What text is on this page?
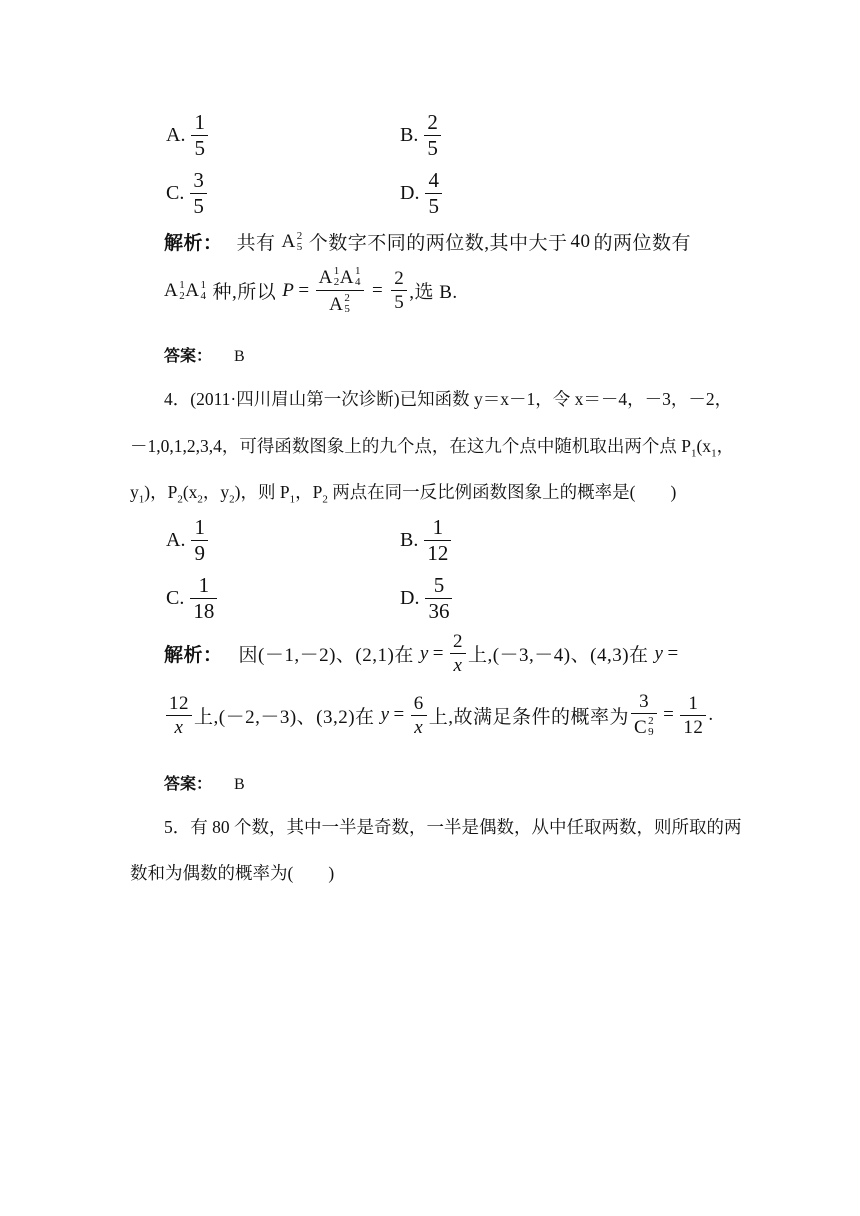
A. $\frac{1}{5}$	B. $\frac{2}{5}$
C. $\frac{3}{5}$	D. $\frac{4}{5}$
解析： 共有 A 2
5 个数字不同的两位数,其中大于 40 的两位数有
A 1
2 A 1
4 种,所以 P = A 1
2 A 1
4
A 2
$5 = \frac{2}{5}$ ,选 B.
答案： B
4．(2011·四川眉山第一次诊断)已知函数 y＝x－1，令 x＝－4，－3，－2，
－1,0,1,2,3,4，可得函数图象上的九个点，在这九个点中随机取出两个点 $P_1(x_1$，
$y_1$)，$P_2(x_2$，$y_2$)，则 $P_1$，$P_2$ 两点在同一反比例函数图象上的概率是(　　)
A. $\frac{1}{9}$	B. $\frac{1}{12}$
C. $\frac{1}{18}$	D. $\frac{5}{36}$
解析： 因(－1,－2)、(2,1)在 $y = \frac{2}{x}$ 上,(－3,－4)、(4,3)在 y =
$\frac{12}{x}$ 上,(－2,－3)、(3,2)在 $y = \frac{6}{x}$ 上,故满足条件的概率为 3
C 2
$9 = \frac{1}{12}$ .
答案： B
5．有 80 个数，其中一半是奇数，一半是偶数，从中任取两数，则所取的两
数和为偶数的概率为(　　)
